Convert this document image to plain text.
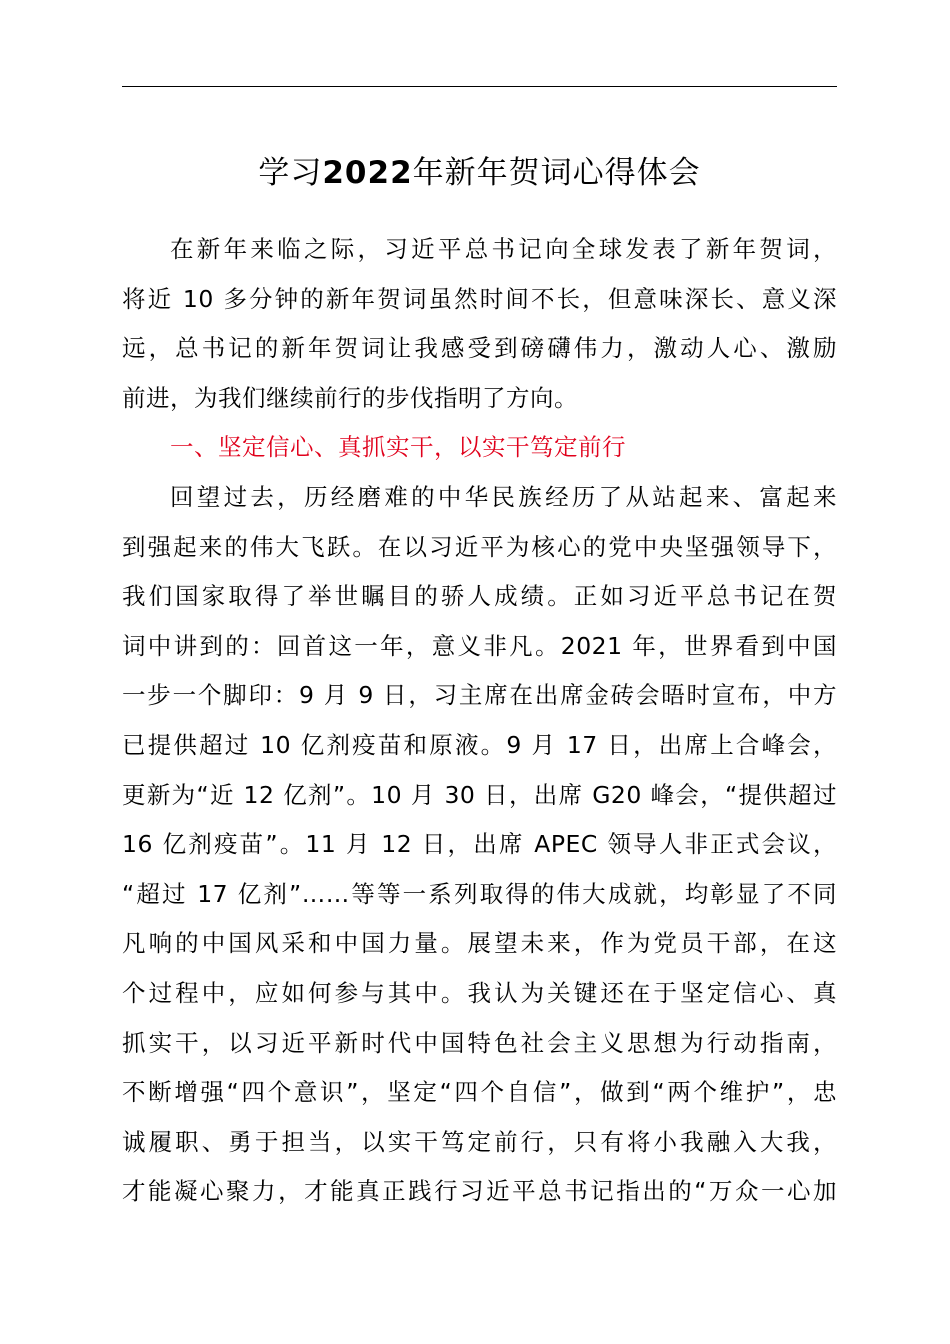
学习2022年新年贺词心得体会
在新年来临之际，习近平总书记向全球发表了新年贺词，
将近 10 多分钟的新年贺词虽然时间不长，但意味深长、意义深
远，总书记的新年贺词让我感受到磅礴伟力，激动人心、激励
前进，为我们继续前行的步伐指明了方向。
一、坚定信心、真抓实干，以实干笃定前行
回望过去，历经磨难的中华民族经历了从站起来、富起来
到强起来的伟大飞跃。在以习近平为核心的党中央坚强领导下，
我们国家取得了举世瞩目的骄人成绩。正如习近平总书记在贺
词中讲到的：回首这一年，意义非凡。2021 年，世界看到中国
一步一个脚印：9 月 9 日，习主席在出席金砖会晤时宣布，中方
已提供超过 10 亿剂疫苗和原液。9 月 17 日，出席上合峰会，
更新为“近 12 亿剂”。10 月 30 日，出席 G20 峰会，“提供超过
16 亿剂疫苗”。11 月 12 日，出席 APEC 领导人非正式会议，
“超过 17 亿剂”……等等一系列取得的伟大成就，均彰显了不同
凡响的中国风采和中国力量。展望未来，作为党员干部，在这
个过程中，应如何参与其中。我认为关键还在于坚定信心、真
抓实干，以习近平新时代中国特色社会主义思想为行动指南，
不断增强“四个意识”，坚定“四个自信”，做到“两个维护”，忠
诚履职、勇于担当，以实干笃定前行，只有将小我融入大我，
才能凝心聚力，才能真正践行习近平总书记指出的“万众一心加
